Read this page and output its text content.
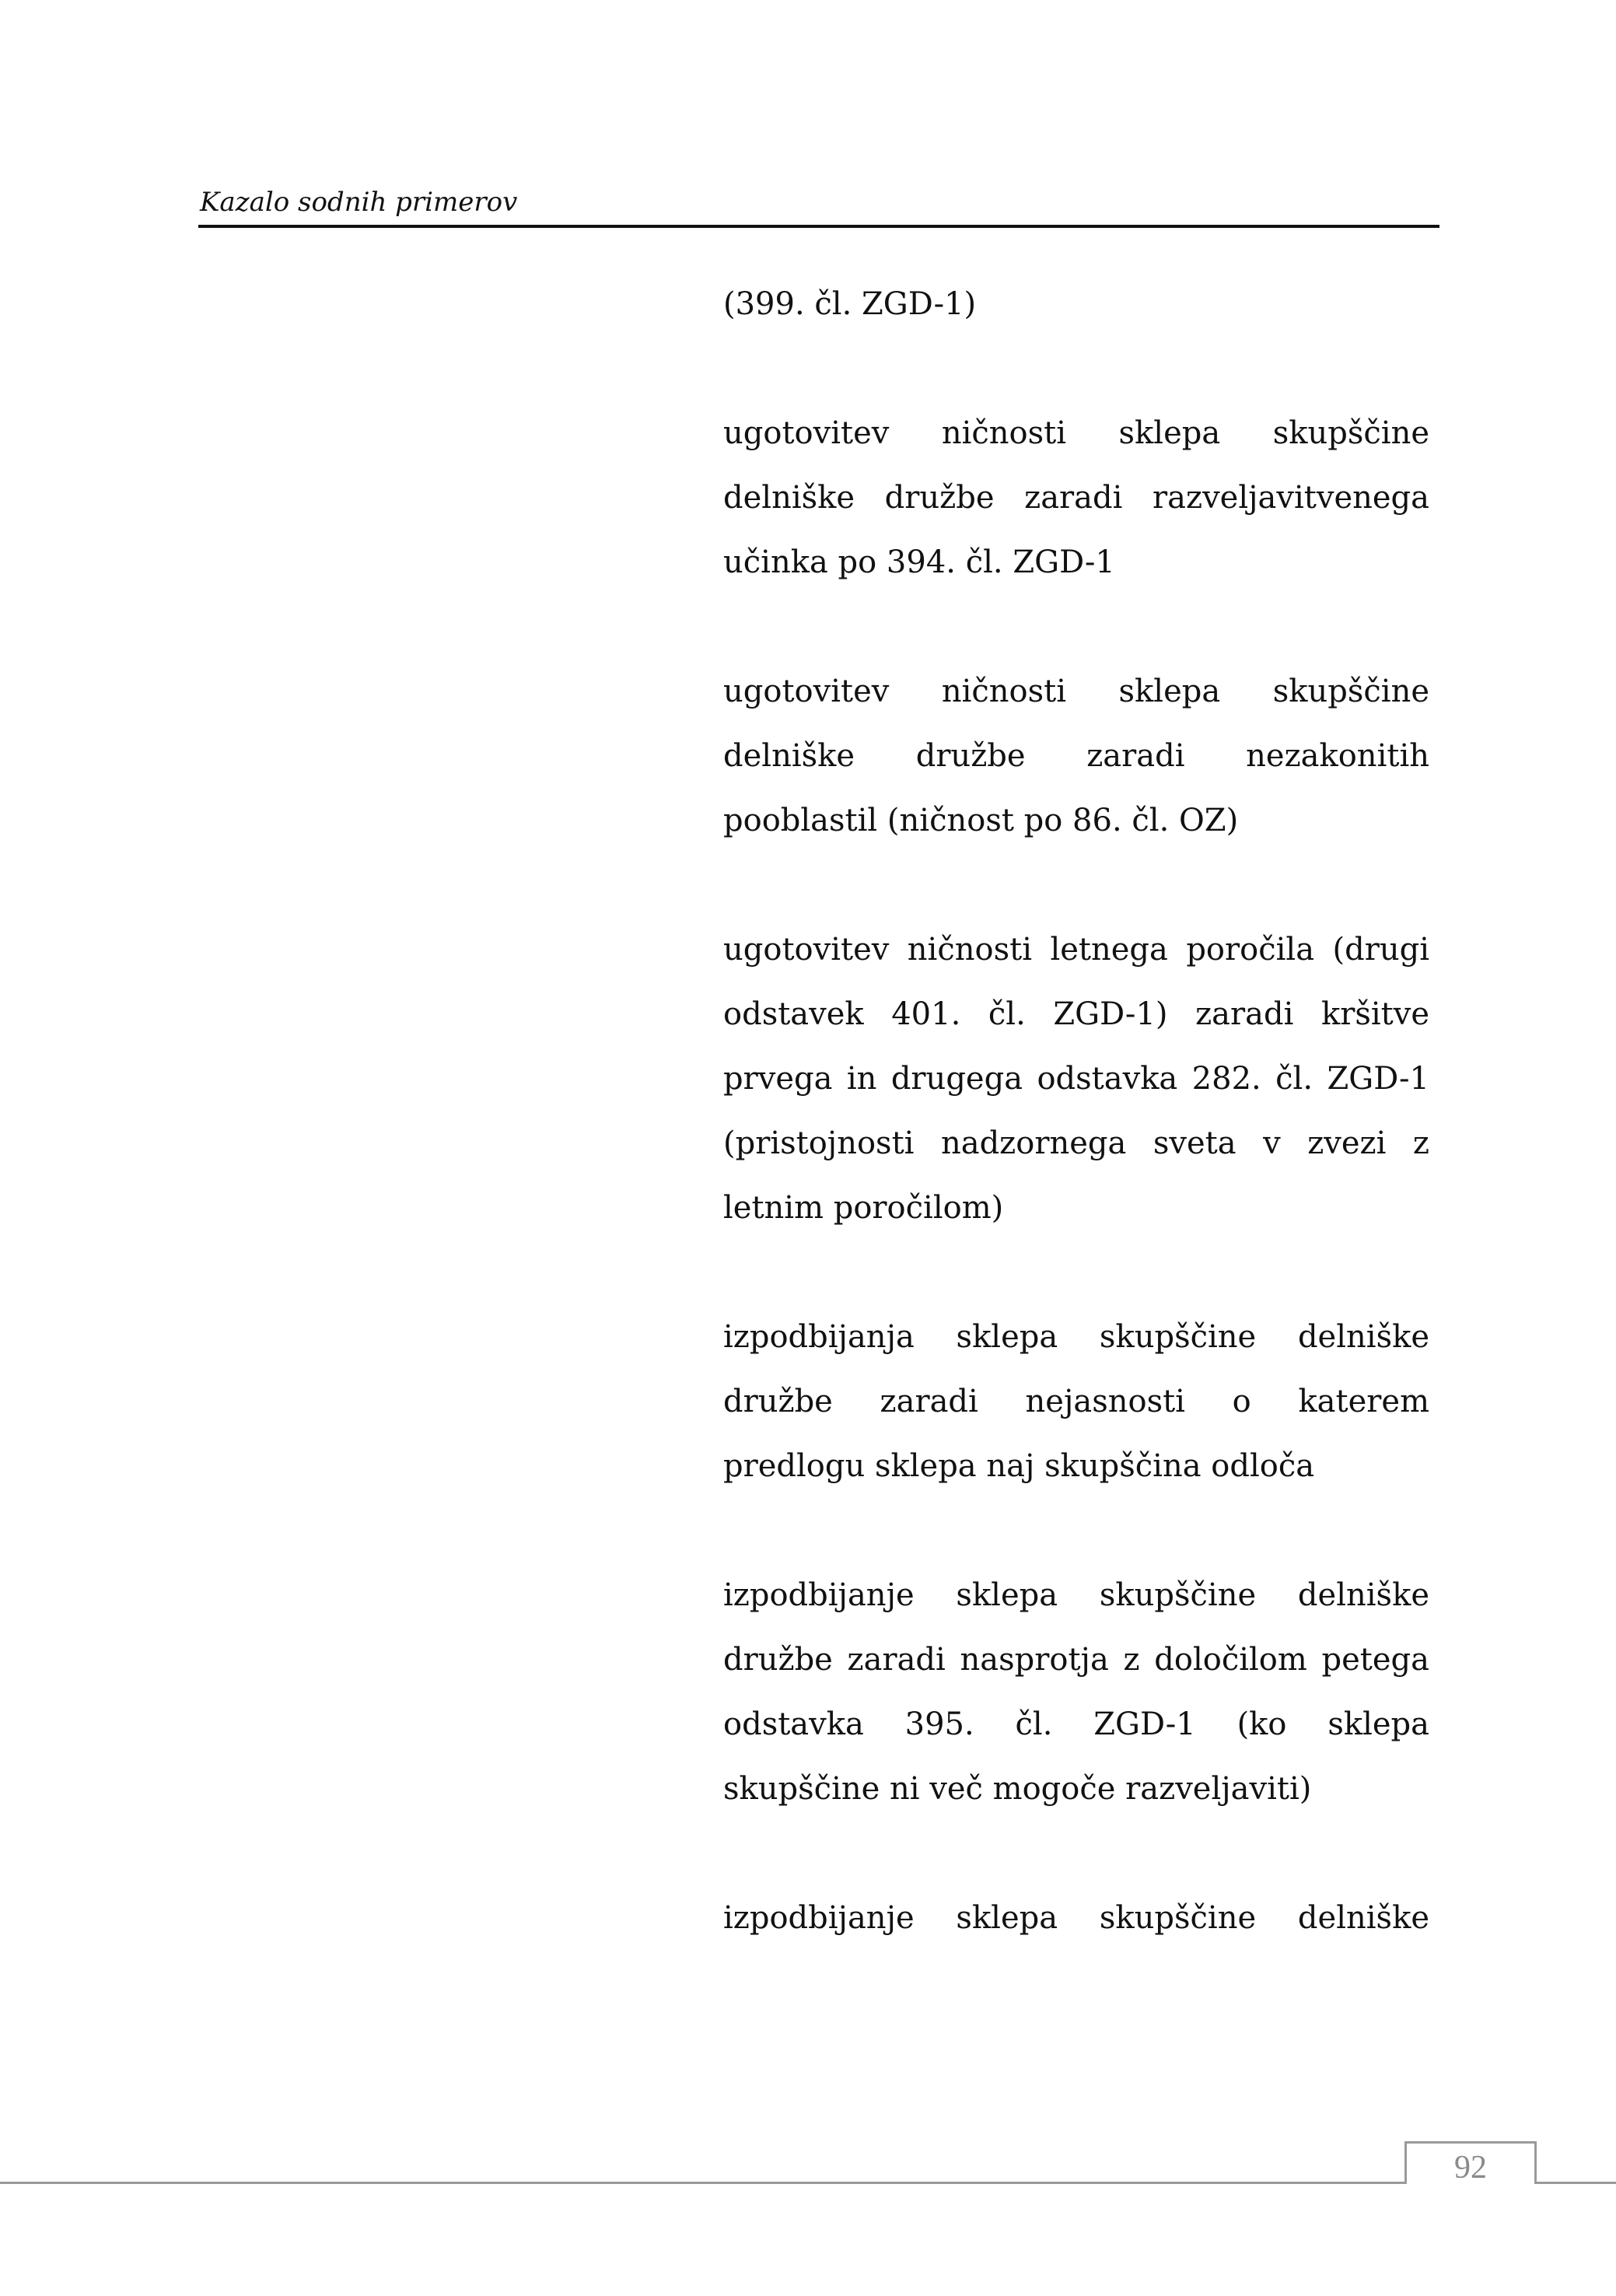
Kazalo sodnih primerov

(399. čl. ZGD-1)

ugotovitev ničnosti sklepa skupščine delniške družbe zaradi razveljavitvenega učinka po 394. čl. ZGD-1

ugotovitev ničnosti sklepa skupščine delniške družbe zaradi nezakonitih pooblastil (ničnost po 86. čl. OZ)

ugotovitev ničnosti letnega poročila (drugi odstavek 401. čl. ZGD-1) zaradi kršitve prvega in drugega odstavka 282. čl. ZGD-1 (pristojnosti nadzornega sveta v zvezi z letnim poročilom)

izpodbijanja sklepa skupščine delniške družbe zaradi nejasnosti o katerem predlogu sklepa naj skupščina odloča

izpodbijanje sklepa skupščine delniške družbe zaradi nasprotja z določilom petega odstavka 395. čl. ZGD-1 (ko sklepa skupščine ni več mogoče razveljaviti)

izpodbijanje sklepa skupščine delniške

92
